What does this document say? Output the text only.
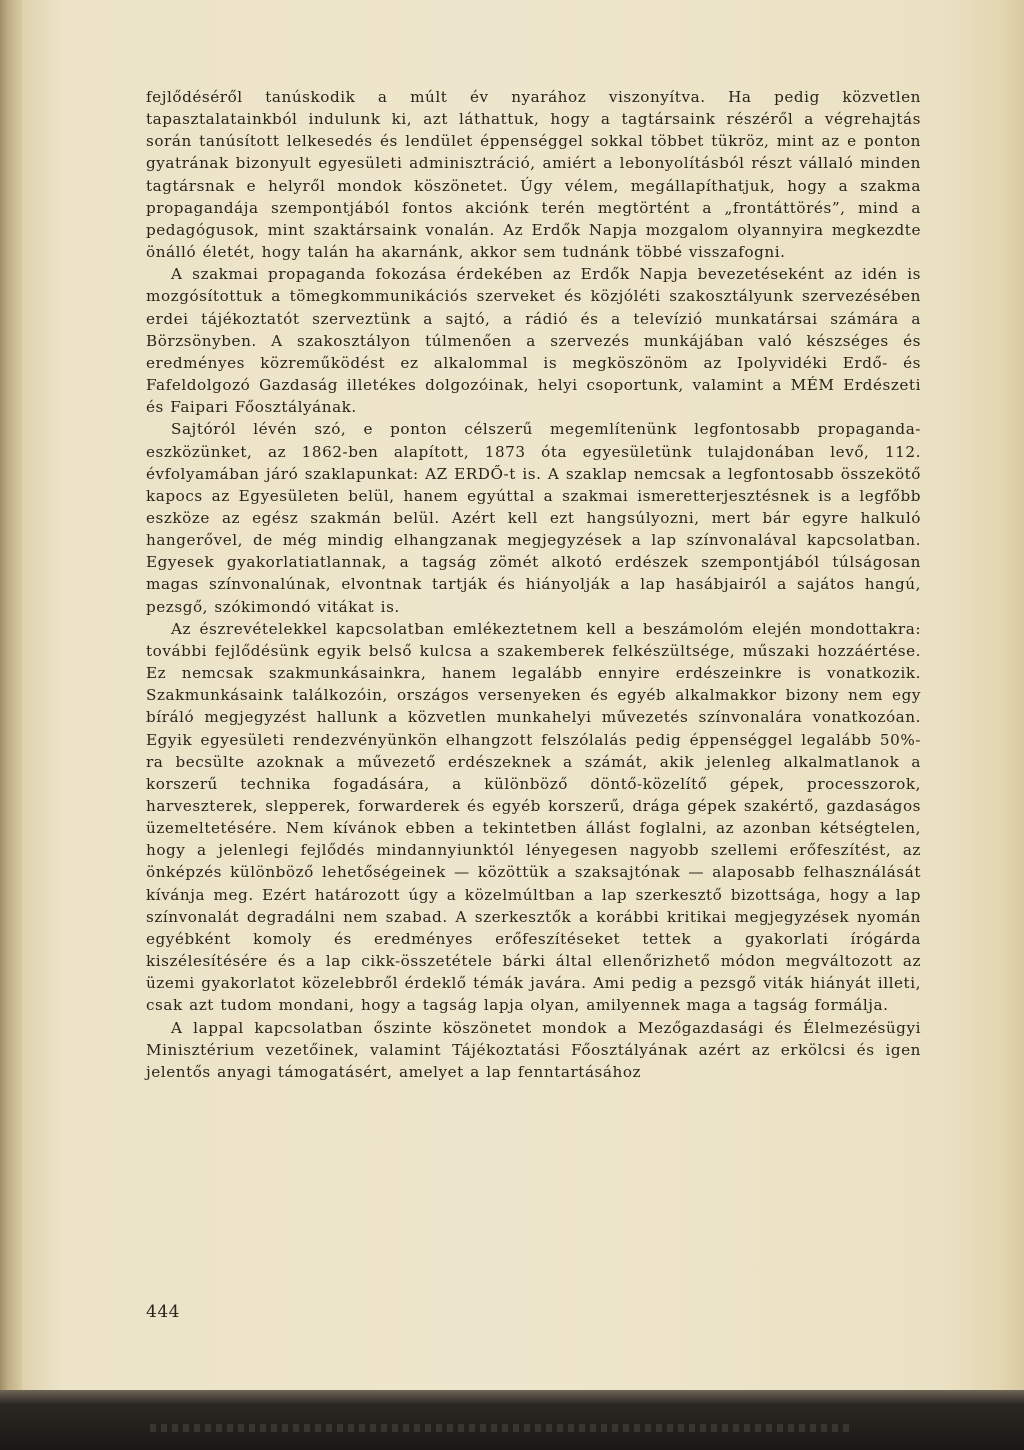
fejlődéséről tanúskodik a múlt év nyarához viszonyítva. Ha pedig közvetlen tapasztalatainkból indulunk ki, azt láthattuk, hogy a tagtársaink részéről a végrehajtás során tanúsított lelkesedés és lendület éppenséggel sokkal többet tükröz, mint az e ponton gyatrának bizonyult egyesületi adminisztráció, amiért a lebonyolításból részt vállaló minden tagtársnak e helyről mondok köszönetet. Úgy vélem, megállapíthatjuk, hogy a szakma propagandája szempontjából fontos akciónk terén megtörtént a „frontáttörés”, mind a pedagógusok, mint szaktársaink vonalán. Az Erdők Napja mozgalom olyannyira megkezdte önálló életét, hogy talán ha akarnánk, akkor sem tudnánk többé visszafogni.

A szakmai propaganda fokozása érdekében az Erdők Napja bevezetéseként az idén is mozgósítottuk a tömegkommunikációs szerveket és közjóléti szakosztályunk szervezésében erdei tájékoztatót szerveztünk a sajtó, a rádió és a televízió munkatársai számára a Börzsönyben. A szakosztályon túlmenően a szervezés munkájában való készséges és eredményes közreműködést ez alkalommal is megköszönöm az Ipolyvidéki Erdő- és Fafeldolgozó Gazdaság illetékes dolgozóinak, helyi csoportunk, valamint a MÉM Erdészeti és Faipari Főosztályának.

Sajtóról lévén szó, e ponton célszerű megemlítenünk legfontosabb propaganda-eszközünket, az 1862-ben alapított, 1873 óta egyesületünk tulajdonában levő, 112. évfolyamában járó szaklapunkat: AZ ERDŐ-t is. A szaklap nemcsak a legfontosabb összekötő kapocs az Egyesületen belül, hanem egyúttal a szakmai ismeretterjesztésnek is a legfőbb eszköze az egész szakmán belül. Azért kell ezt hangsúlyozni, mert bár egyre halkuló hangerővel, de még mindig elhangzanak megjegyzések a lap színvonalával kapcsolatban. Egyesek gyakorlatiatlannak, a tagság zömét alkotó erdészek szempontjából túlságosan magas színvonalúnak, elvontnak tartják és hiányolják a lap hasábjairól a sajátos hangú, pezsgő, szókimondó vitákat is.

Az észrevételekkel kapcsolatban emlékeztetnem kell a beszámolóm elején mondottakra: további fejlődésünk egyik belső kulcsa a szakemberek felkészültsége, műszaki hozzáértése. Ez nemcsak szakmunkásainkra, hanem legalább ennyire erdészeinkre is vonatkozik. Szakmunkásaink találkozóin, országos versenyeken és egyéb alkalmakkor bizony nem egy bíráló megjegyzést hallunk a közvetlen munkahelyi művezetés színvonalára vonatkozóan. Egyik egyesületi rendezvényünkön elhangzott felszólalás pedig éppenséggel legalább 50%-ra becsülte azoknak a művezető erdészeknek a számát, akik jelenleg alkalmatlanok a korszerű technika fogadására, a különböző döntő-közelítő gépek, processzorok, harveszterek, slepperek, forwarderek és egyéb korszerű, drága gépek szakértő, gazdaságos üzemeltetésére. Nem kívánok ebben a tekintetben állást foglalni, az azonban kétségtelen, hogy a jelenlegi fejlődés mindannyiunktól lényegesen nagyobb szellemi erőfeszítést, az önképzés különböző lehetőségeinek — közöttük a szaksajtónak — alaposabb felhasználását kívánja meg. Ezért határozott úgy a közelmúltban a lap szerkesztő bizottsága, hogy a lap színvonalát degradálni nem szabad. A szerkesztők a korábbi kritikai megjegyzések nyomán egyébként komoly és eredményes erőfeszítéseket tettek a gyakorlati írógárda kiszélesítésére és a lap cikk-összetétele bárki által ellenőrizhető módon megváltozott az üzemi gyakorlatot közelebbről érdeklő témák javára. Ami pedig a pezsgő viták hiányát illeti, csak azt tudom mondani, hogy a tagság lapja olyan, amilyennek maga a tagság formálja.

A lappal kapcsolatban őszinte köszönetet mondok a Mezőgazdasági és Élelmezésügyi Minisztérium vezetőinek, valamint Tájékoztatási Főosztályának azért az erkölcsi és igen jelentős anyagi támogatásért, amelyet a lap fenntartásához

444
